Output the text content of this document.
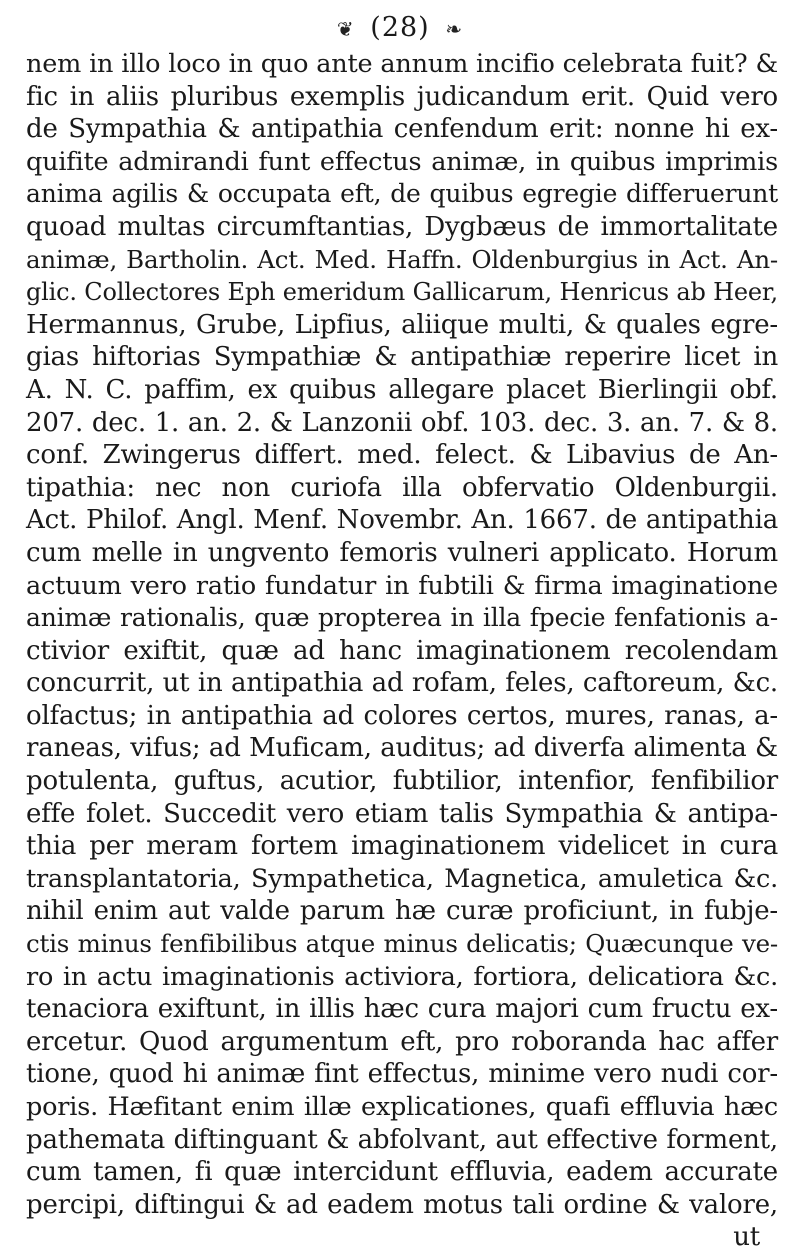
❦ (28) ❧
nem in illo loco in quo ante annum incifio celebrata fuit? &
fic in aliis pluribus exemplis judicandum erit. Quid vero
de Sympathia & antipathia cenfendum erit: nonne hi ex-
quifite admirandi funt effectus animæ, in quibus imprimis
anima agilis & occupata eft, de quibus egregie differuerunt
quoad multas circumftantias, Dygbæus de immortalitate
animæ, Bartholin. Act. Med. Haffn. Oldenburgius in Act. An-
glic. Collectores Eph emeridum Gallicarum, Henricus ab Heer,
Hermannus, Grube, Lipfius, aliique multi, & quales egre-
gias hiftorias Sympathiæ & antipathiæ reperire licet in
A. N. C. paffim, ex quibus allegare placet Bierlingii obf.
207. dec. 1. an. 2. & Lanzonii obf. 103. dec. 3. an. 7. & 8.
conf. Zwingerus differt. med. felect. & Libavius de An-
tipathia: nec non curiofa illa obfervatio Oldenburgii.
Act. Philof. Angl. Menf. Novembr. An. 1667. de antipathia
cum melle in ungvento femoris vulneri applicato. Horum
actuum vero ratio fundatur in fubtili & firma imaginatione
animæ rationalis, quæ propterea in illa fpecie fenfationis a-
ctivior exiftit, quæ ad hanc imaginationem recolendam
concurrit, ut in antipathia ad rofam, feles, caftoreum, &c.
olfactus; in antipathia ad colores certos, mures, ranas, a-
raneas, vifus; ad Muficam, auditus; ad diverfa alimenta &
potulenta, guftus, acutior, fubtilior, intenfior, fenfibilior
effe folet. Succedit vero etiam talis Sympathia & antipa-
thia per meram fortem imaginationem videlicet in cura
transplantatoria, Sympathetica, Magnetica, amuletica &c.
nihil enim aut valde parum hæ curæ proficiunt, in fubje-
ctis minus fenfibilibus atque minus delicatis; Quæcunque ve-
ro in actu imaginationis activiora, fortiora, delicatiora &c.
tenaciora exiftunt, in illis hæc cura majori cum fructu ex-
ercetur. Quod argumentum eft, pro roboranda hac affer
tione, quod hi animæ fint effectus, minime vero nudi cor-
poris. Hæfitant enim illæ explicationes, quafi effluvia hæc
pathemata diftinguant & abfolvant, aut effective forment,
cum tamen, fi quæ intercidunt effluvia, eadem accurate
percipi, diftingui & ad eadem motus tali ordine & valore,
ut
